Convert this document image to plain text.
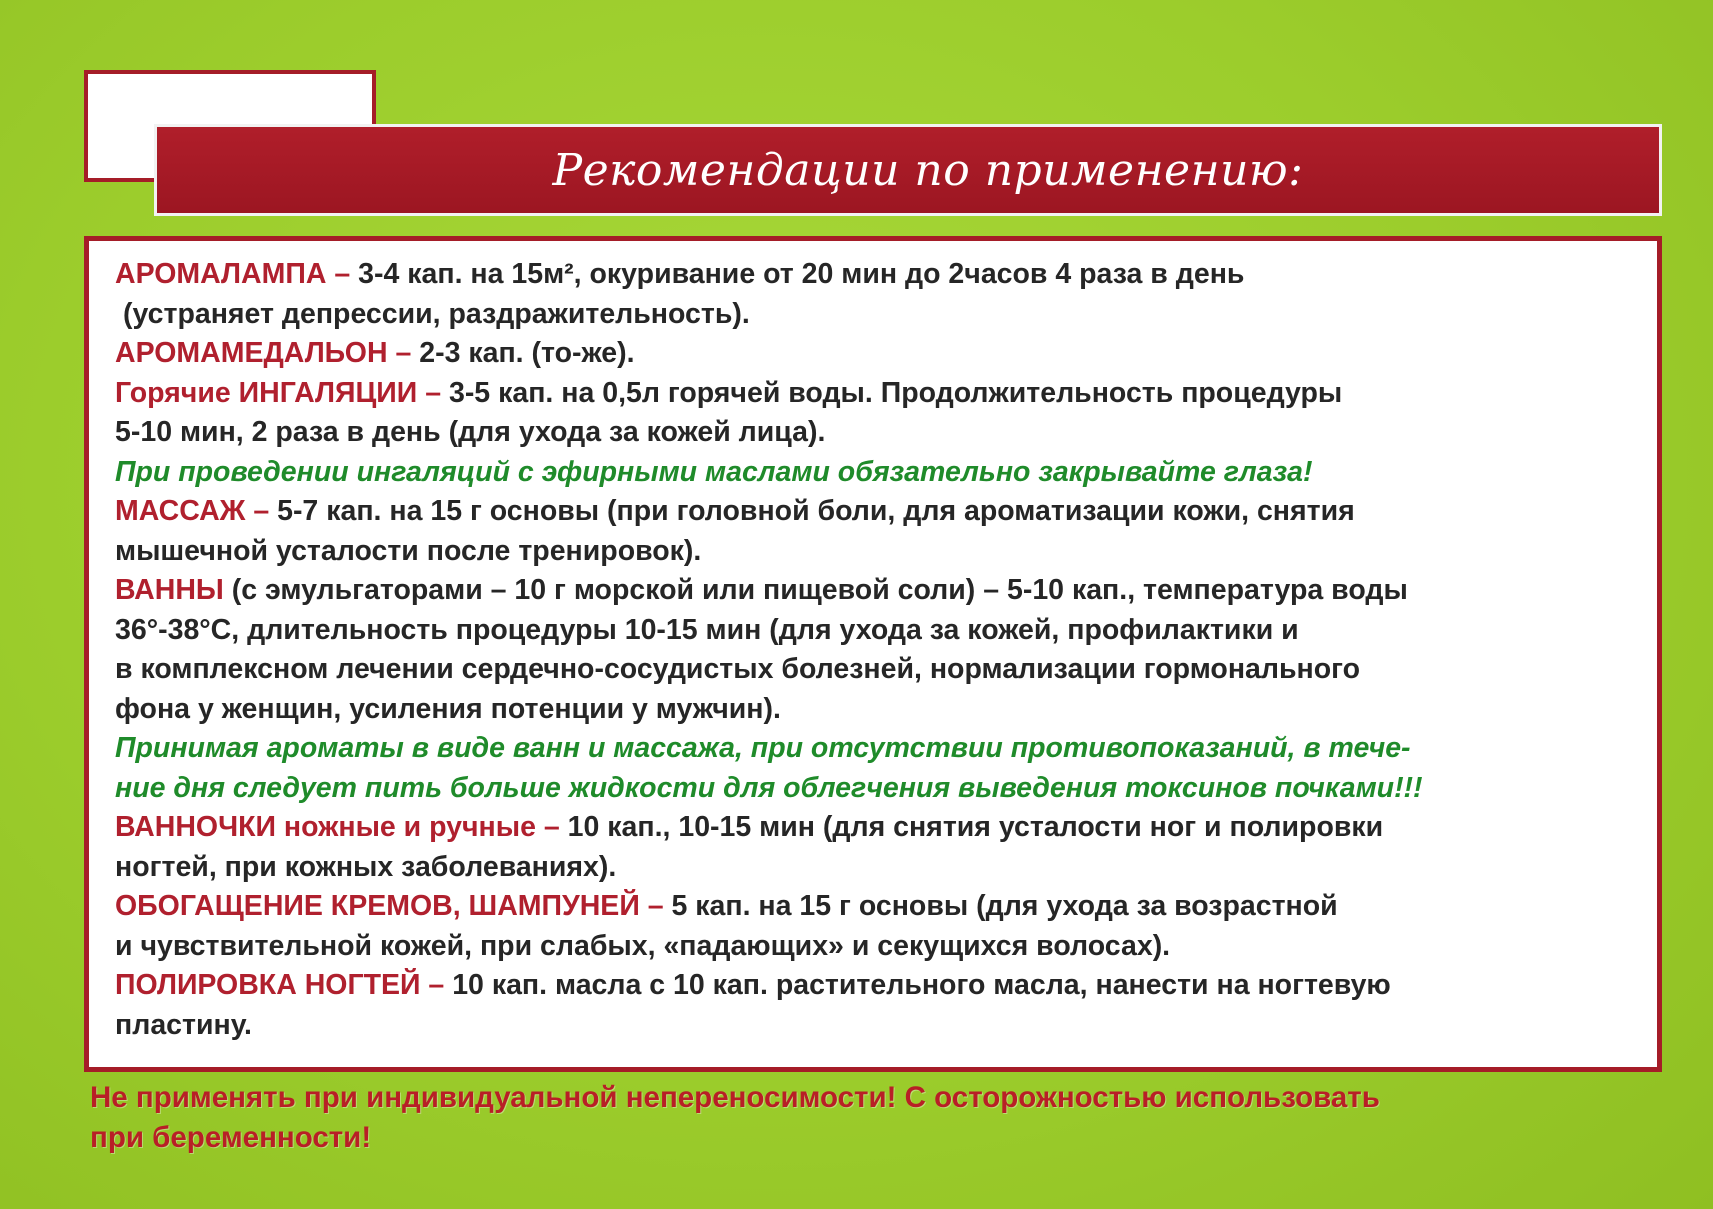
Рекомендации по применению:
АРОМАЛАМПА – 3-4 кап. на 15м², окуривание от 20 мин до 2часов 4 раза в день
(устраняет депрессии, раздражительность).
АРОМАМЕДАЛЬОН – 2-3 кап. (то-же).
Горячие ИНГАЛЯЦИИ – 3-5 кап. на 0,5л горячей воды. Продолжительность процедуры
5-10 мин, 2 раза в день (для ухода за кожей лица).
При проведении ингаляций с эфирными маслами обязательно закрывайте глаза!
МАССАЖ – 5-7 кап. на 15 г основы (при головной боли, для ароматизации кожи, снятия
мышечной усталости после тренировок).
ВАННЫ (с эмульгаторами – 10 г морской или пищевой соли) – 5-10 кап., температура воды
36°-38°С, длительность процедуры 10-15 мин (для ухода за кожей, профилактики и
в комплексном лечении сердечно-сосудистых болезней, нормализации гормонального
фона у женщин, усиления потенции у мужчин).
Принимая ароматы в виде ванн и массажа, при отсутствии противопоказаний, в тече-
ние дня следует пить больше жидкости для облегчения выведения токсинов почками!!!
ВАННОЧКИ ножные и ручные – 10 кап., 10-15 мин (для снятия усталости ног и полировки
ногтей, при кожных заболеваниях).
ОБОГАЩЕНИЕ КРЕМОВ, ШАМПУНЕЙ – 5 кап. на 15 г основы (для ухода за возрастной
и чувствительной кожей, при слабых, «падающих» и секущихся волосах).
ПОЛИРОВКА НОГТЕЙ – 10 кап. масла с 10 кап. растительного масла, нанести на ногтевую
пластину.
Не применять при индивидуальной непереносимости! С осторожностью использовать
при беременности!
